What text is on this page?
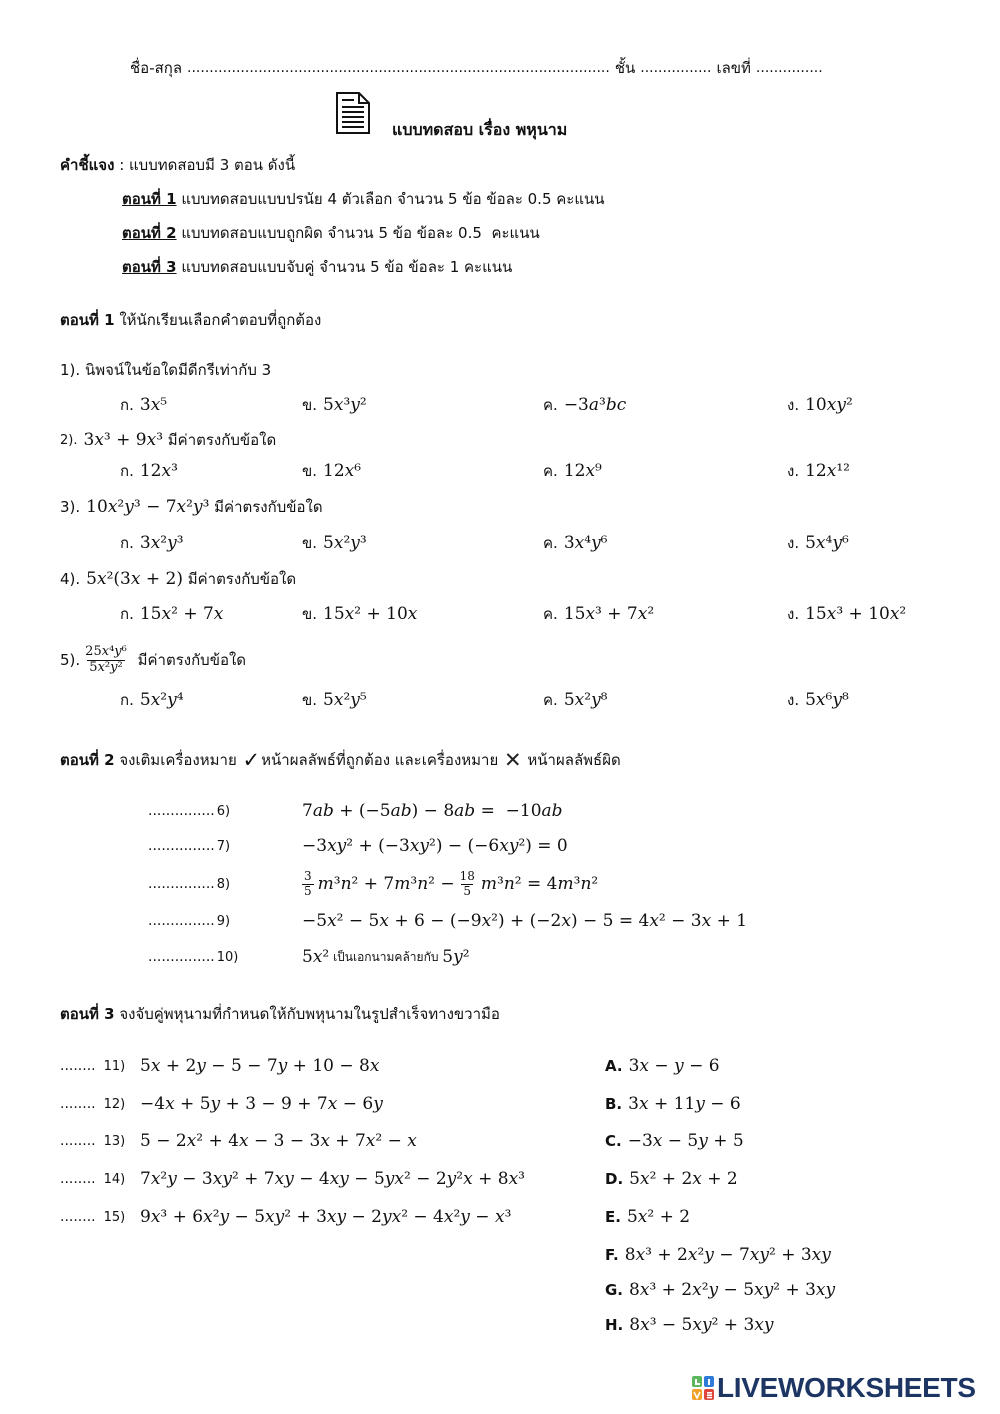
ชื่อ-สกุล ............................................................................................... ชั้น ................ เลขที่ ...............
แบบทดสอบ เรื่อง พหุนาม
คำชี้แจง : แบบทดสอบมี 3 ตอน ดังนี้
ตอนที่ 1 แบบทดสอบแบบปรนัย 4 ตัวเลือก จำนวน 5 ข้อ ข้อละ 0.5 คะแนน
ตอนที่ 2 แบบทดสอบแบบถูกผิด จำนวน 5 ข้อ ข้อละ 0.5  คะแนน
ตอนที่ 3 แบบทดสอบแบบจับคู่ จำนวน 5 ข้อ ข้อละ 1 คะแนน
ตอนที่ 1 ให้นักเรียนเลือกคำตอบที่ถูกต้อง
1). นิพจน์ในข้อใดมีดีกรีเท่ากับ 3
ก. 3x⁵	ข. 5x³y²	ค. −3a³bc	ง. 10xy²
2). 3x³ + 9x³ มีค่าตรงกับข้อใด
ก. 12x³	ข. 12x⁶	ค. 12x⁹	ง. 12x¹²
3). 10x²y³ − 7x²y³ มีค่าตรงกับข้อใด
ก. 3x²y³	ข. 5x²y³	ค. 3x⁴y⁶	ง. 5x⁴y⁶
4). 5x²(3x + 2) มีค่าตรงกับข้อใด
ก. 15x² + 7x	ข. 15x² + 10x	ค. 15x³ + 7x²	ง. 15x³ + 10x²
5). $\frac{\text{25x⁴y⁶}}{\text{5x²y²}}$ มีค่าตรงกับข้อใด
ก. 5x²y⁴	ข. 5x²y⁵	ค. 5x²y⁸	ง. 5x⁶y⁸
ตอนที่ 2 จงเติมเครื่องหมาย ✓ หน้าผลลัพธ์ที่ถูกต้อง และเครื่องหมาย ✕ หน้าผลลัพธ์ผิด
............... 6)	7ab + (−5ab) − 8ab =  −10ab
............... 7)	−3xy² + (−3xy²) − (−6xy²) = 0
............... 8)	$\frac{3}{5} m^3n^2 + 7m^3n^2 - \frac{18}{5} m^3n^2 = 4m^3n^2$
............... 9)	−5x² − 5x + 6 − (−9x²) + (−2x) − 5 = 4x² − 3x + 1
............... 10)	5x² เป็นเอกนามคล้ายกับ 5y²
ตอนที่ 3 จงจับคู่พหุนามที่กำหนดให้กับพหุนามในรูปสำเร็จทางขวามือ
........ 11) 5x + 2y − 5 − 7y + 10 − 8x
........ 12) −4x + 5y + 3 − 9 + 7x − 6y
........ 13) 5 − 2x² + 4x − 3 − 3x + 7x² − x
........ 14) 7x²y − 3xy² + 7xy − 4xy − 5yx² − 2y²x + 8x³
........ 15) 9x³ + 6x²y − 5xy² + 3xy − 2yx² − 4x²y − x³
A. 3x − y − 6
B. 3x + 11y − 6
C. −3x − 5y + 5
D. 5x² + 2x + 2
E. 5x² + 2
F. 8x³ + 2x²y − 7xy² + 3xy
G. 8x³ + 2x²y − 5xy² + 3xy
H. 8x³ − 5xy² + 3xy
LIVEWORKSHEETS
